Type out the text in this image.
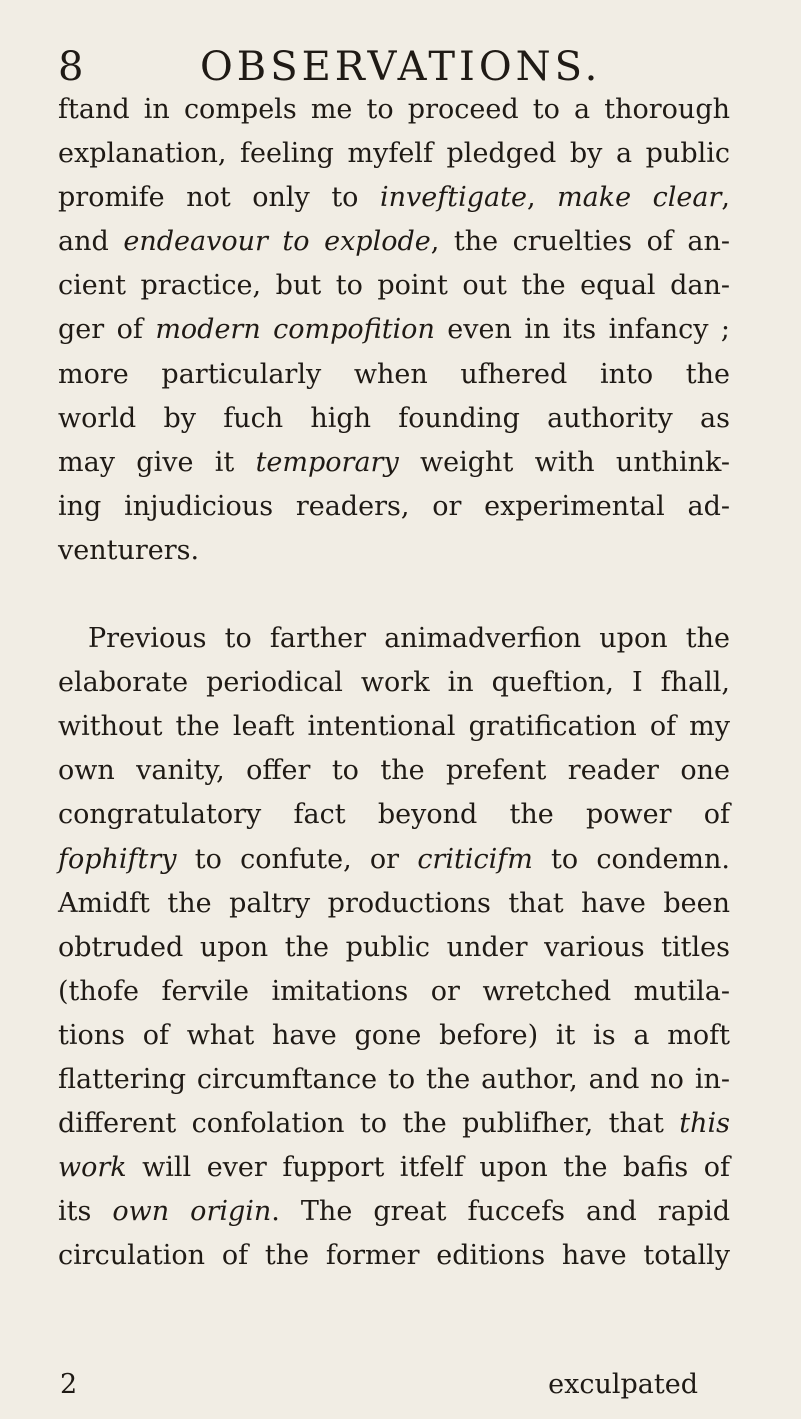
8	OBSERVATIONS.
ftand in compels me to proceed to a thorough
explanation, feeling myfelf pledged by a public
promife not only to inveftigate, make clear,
and endeavour to explode, the cruelties of an-
cient practice, but to point out the equal dan-
ger of modern compofition even in its infancy ;
more particularly when ufhered into the
world by fuch high founding authority as
may give it temporary weight with unthink-
ing injudicious readers, or experimental ad-
venturers.
Previous to farther animadverfion upon the
elaborate periodical work in queftion, I fhall,
without the leaft intentional gratification of my
own vanity, offer to the prefent reader one
congratulatory fact beyond the power of
fophiftry to confute, or criticifm to condemn.
Amidft the paltry productions that have been
obtruded upon the public under various titles
(thofe fervile imitations or wretched mutila-
tions of what have gone before) it is a moft
flattering circumftance to the author, and no in-
different confolation to the publifher, that this
work will ever fupport itfelf upon the bafis of
its own origin. The great fuccefs and rapid
circulation of the former editions have totally
2	exculpated
